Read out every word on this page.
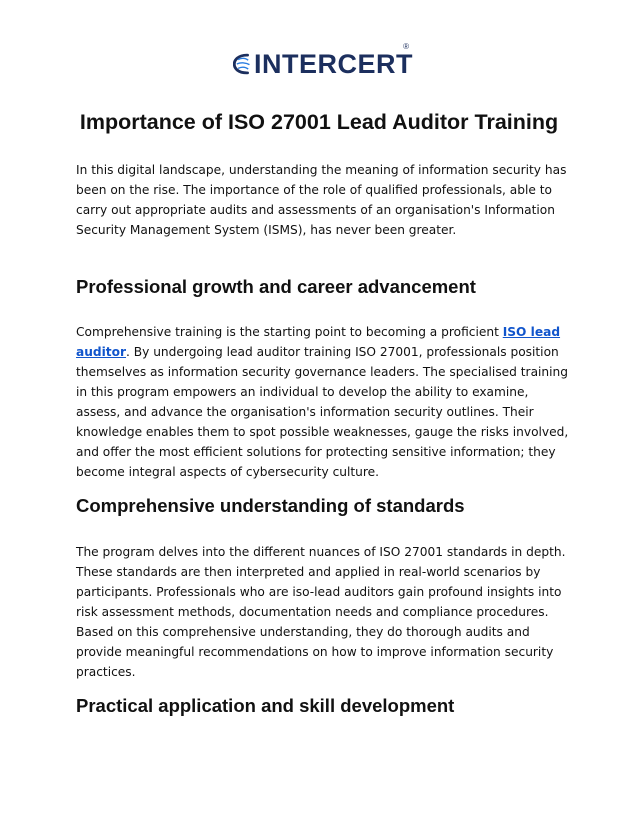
INTERCERT
®
Importance of ISO 27001 Lead Auditor Training

In this digital landscape, understanding the meaning of information security has been on the rise. The importance of the role of qualified professionals, able to carry out appropriate audits and assessments of an organisation's Information Security Management System (ISMS), has never been greater.

Professional growth and career advancement

Comprehensive training is the starting point to becoming a proficient ISO lead auditor. By undergoing lead auditor training ISO 27001, professionals position themselves as information security governance leaders. The specialised training in this program empowers an individual to develop the ability to examine, assess, and advance the organisation's information security outlines. Their knowledge enables them to spot possible weaknesses, gauge the risks involved, and offer the most efficient solutions for protecting sensitive information; they become integral aspects of cybersecurity culture.

Comprehensive understanding of standards

The program delves into the different nuances of ISO 27001 standards in depth. These standards are then interpreted and applied in real-world scenarios by participants. Professionals who are iso-lead auditors gain profound insights into risk assessment methods, documentation needs and compliance procedures. Based on this comprehensive understanding, they do thorough audits and provide meaningful recommendations on how to improve information security practices.

Practical application and skill development
